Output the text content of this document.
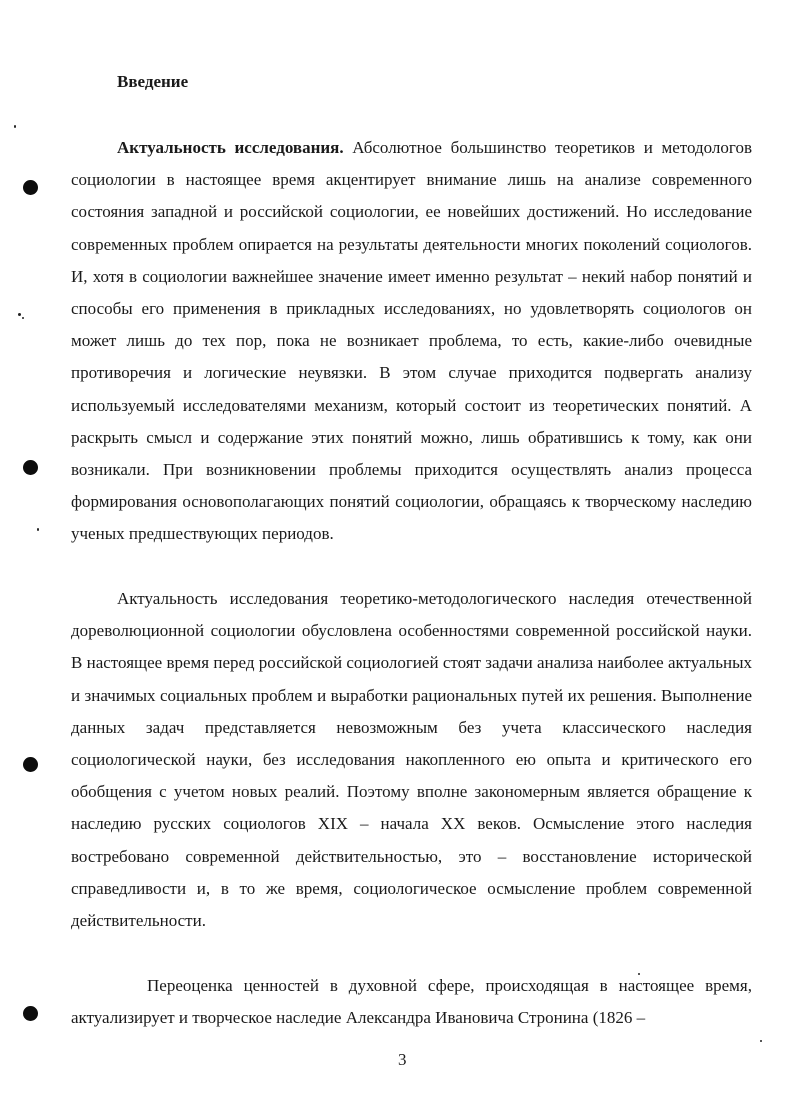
Введение

Актуальность исследования. Абсолютное большинство теоретиков и методологов социологии в настоящее время акцентирует внимание лишь на анализе современного состояния западной и российской социологии, ее новейших достижений. Но исследование современных проблем опирается на результаты деятельности многих поколений социологов. И, хотя в социологии важнейшее значение имеет именно результат – некий набор понятий и способы его применения в прикладных исследованиях, но удовлетворять социологов он может лишь до тех пор, пока не возникает проблема, то есть, какие-либо очевидные противоречия и логические неувязки. В этом случае приходится подвергать анализу используемый исследователями механизм, который состоит из теоретических понятий. А раскрыть смысл и содержание этих понятий можно, лишь обратившись к тому, как они возникали. При возникновении проблемы приходится осуществлять анализ процесса формирования основополагающих понятий социологии, обращаясь к творческому наследию ученых предшествующих периодов.

Актуальность исследования теоретико-методологического наследия отечественной дореволюционной социологии обусловлена особенностями современной российской науки. В настоящее время перед российской социологией стоят задачи анализа наиболее актуальных и значимых социальных проблем и выработки рациональных путей их решения. Выполнение данных задач представляется невозможным без учета классического наследия социологической науки, без исследования накопленного ею опыта и критического его обобщения с учетом новых реалий. Поэтому вполне закономерным является обращение к наследию русских социологов XIX – начала XX веков. Осмысление этого наследия востребовано современной действительностью, это – восстановление исторической справедливости и, в то же время, социологическое осмысление проблем современной действительности.

Переоценка ценностей в духовной сфере, происходящая в настоящее время, актуализирует и творческое наследие Александра Ивановича Стронина (1826 –

3
